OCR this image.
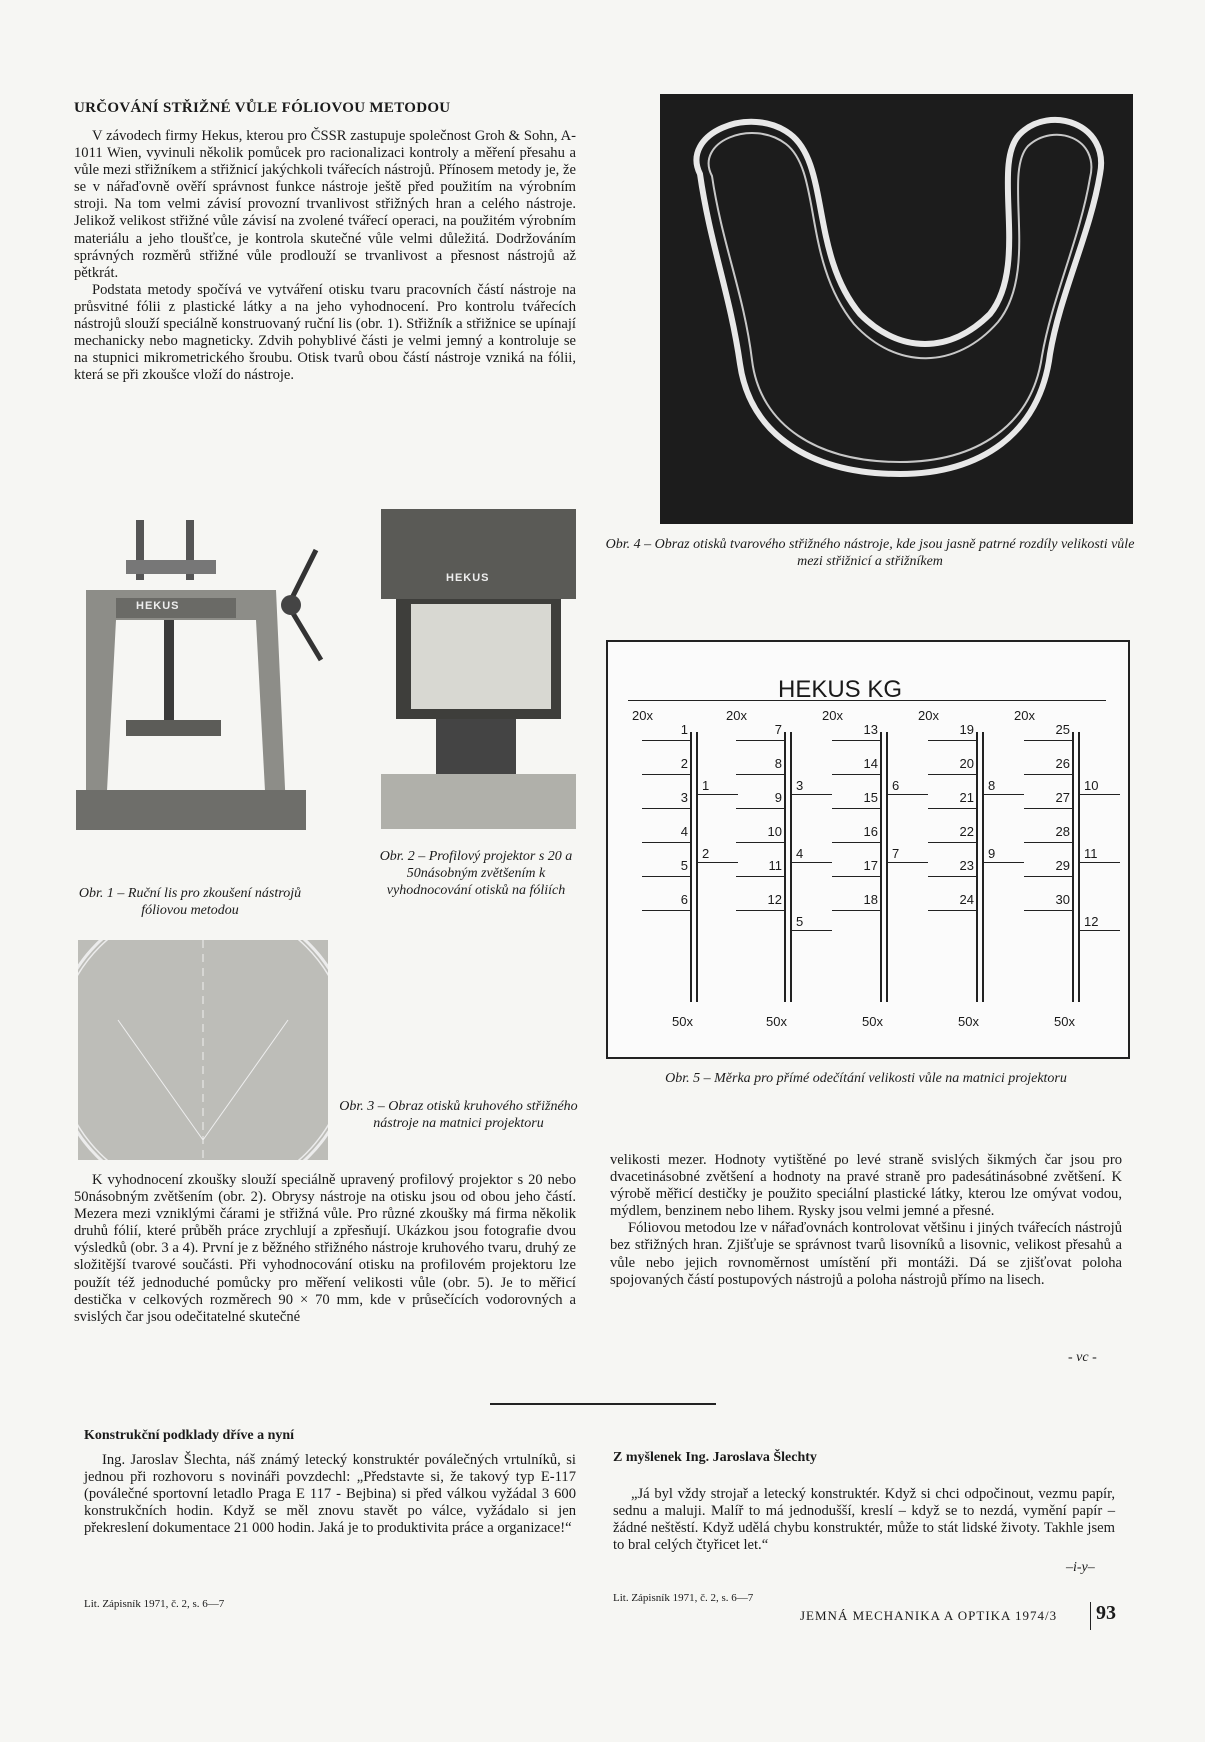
URČOVÁNÍ STŘIŽNÉ VŮLE FÓLIOVOU METODOU

V závodech firmy Hekus, kterou pro ČSSR zastupuje společnost Groh & Sohn, A-1011 Wien, vyvinuli několik pomůcek pro racionalizaci kontroly a měření přesahu a vůle mezi střižníkem a střižnicí jakýchkoli tvářecích nástrojů. Přínosem metody je, že se v nářaďovně ověří správnost funkce nástroje ještě před použitím na výrobním stroji. Na tom velmi závisí provozní trvanlivost střižných hran a celého nástroje. Jelikož velikost střižné vůle závisí na zvolené tvářecí operaci, na použitém výrobním materiálu a jeho tloušťce, je kontrola skutečné vůle velmi důležitá. Dodržováním správných rozměrů střižné vůle prodlouží se trvanlivost a přesnost nástrojů až pětkrát.

Podstata metody spočívá ve vytváření otisku tvaru pracovních částí nástroje na průsvitné fólii z plastické látky a na jeho vyhodnocení. Pro kontrolu tvářecích nástrojů slouží speciálně konstruovaný ruční lis (obr. 1). Střižník a střižnice se upínají mechanicky nebo magneticky. Zdvih pohyblivé části je velmi jemný a kontroluje se na stupnici mikrometrického šroubu. Otisk tvarů obou částí nástroje vzniká na fólii, která se při zkoušce vloží do nástroje.

Obr. 4 – Obraz otisků tvarového střižného nástroje, kde jsou jasně patrné rozdíly velikosti vůle mezi střižnicí a střižníkem
HEKUS
Obr. 1 – Ruční lis pro zkoušení nástrojů fóliovou metodou
HEKUS
Obr. 2 – Profilový projektor s 20 a 50násobným zvětšením k vyhodnocování otisků na fóliích
Obr. 3 – Obraz otisků kruhového střižného nástroje na matnici projektoru
HEKUS KG
20x	20x	20x	20x	20x
50x	50x	50x	50x	50x
1
2
3
4
5
6
1
2
7
8
9
10
11
12
3
4
5
13
14
15
16
17
18
6
7
19
20
21
22
23
24
8
9
25
26
27
28
29
30
10
11
12
Obr. 5 – Měrka pro přímé odečítání velikosti vůle na matnici projektoru

K vyhodnocení zkoušky slouží speciálně upravený profilový projektor s 20 nebo 50násobným zvětšením (obr. 2). Obrysy nástroje na otisku jsou od obou jeho částí. Mezera mezi vzniklými čárami je střižná vůle. Pro různé zkoušky má firma několik druhů fólií, které průběh práce zrychlují a zpřesňují. Ukázkou jsou fotografie dvou výsledků (obr. 3 a 4). První je z běžného střižného nástroje kruhového tvaru, druhý ze složitější tvarové součásti. Při vyhodnocování otisku na profilovém projektoru lze použít též jednoduché pomůcky pro měření velikosti vůle (obr. 5). Je to měřicí destička v celkových rozměrech 90 × 70 mm, kde v průsečících vodorovných a svislých čar jsou odečitatelné skutečné

velikosti mezer. Hodnoty vytištěné po levé straně svislých šikmých čar jsou pro dvacetinásobné zvětšení a hodnoty na pravé straně pro padesátinásobné zvětšení. K výrobě měřicí destičky je použito speciální plastické látky, kterou lze omývat vodou, mýdlem, benzinem nebo lihem. Rysky jsou velmi jemné a přesné.

Fóliovou metodou lze v nářaďovnách kontrolovat většinu i jiných tvářecích nástrojů bez střižných hran. Zjišťuje se správnost tvarů lisovníků a lisovnic, velikost přesahů a vůle nebo jejich rovnoměrnost umístění při montáži. Dá se zjišťovat poloha spojovaných částí postupových nástrojů a poloha nástrojů přímo na lisech.

- vc -
Konstrukční podklady dříve a nyní

Ing. Jaroslav Šlechta, náš známý letecký konstruktér poválečných vrtulníků, si jednou při rozhovoru s novináři povzdechl: „Představte si, že takový typ E-117 (poválečné sportovní letadlo Praga E 117 - Bejbina) si před válkou vyžádal 3 600 konstrukčních hodin. Když se měl znovu stavět po válce, vyžádalo si jen překreslení dokumentace 21 000 hodin. Jaká je to produktivita práce a organizace!“

Lit. Zápisník 1971, č. 2, s. 6—7
Z myšlenek Ing. Jaroslava Šlechty

„Já byl vždy strojař a letecký konstruktér. Když si chci odpočinout, vezmu papír, sednu a maluji. Malíř to má jednodušší, kreslí – když se to nezdá, vymění papír – žádné neštěstí. Když udělá chybu konstruktér, může to stát lidské životy. Takhle jsem to bral celých čtyřicet let.“

–i-y–
Lit. Zápisník 1971, č. 2, s. 6—7
JEMNÁ MECHANIKA A OPTIKA 1974/3 93
